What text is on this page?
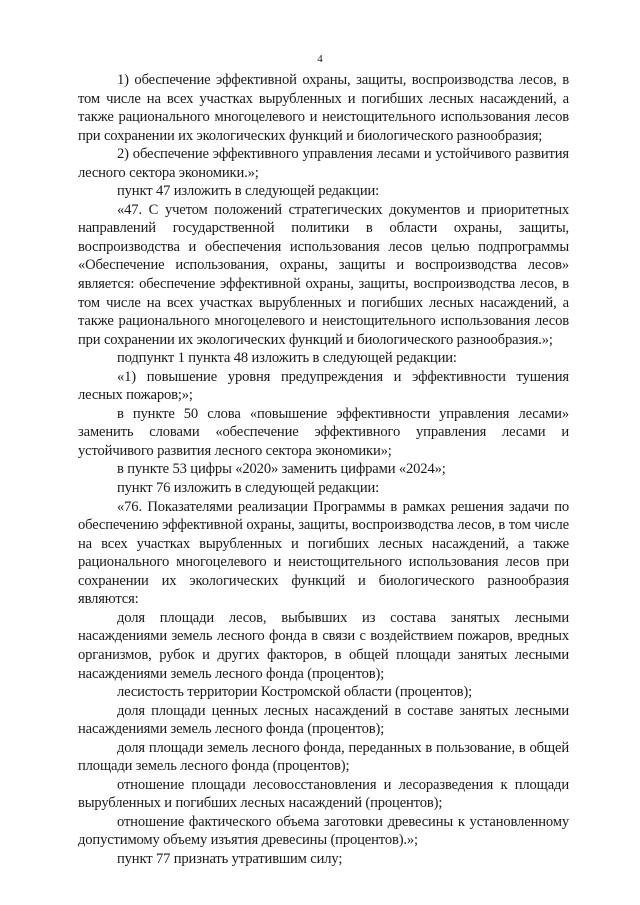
4

1) обеспечение эффективной охраны, защиты, воспроизводства лесов, в том числе на всех участках вырубленных и погибших лесных насаждений, а также рационального многоцелевого и неистощительного использования лесов при сохранении их экологических функций и биологического разнообразия;

2) обеспечение эффективного управления лесами и устойчивого развития лесного сектора экономики.»;

пункт 47 изложить в следующей редакции:

«47. С учетом положений стратегических документов и приоритетных направлений государственной политики в области охраны, защиты, воспроизводства и обеспечения использования лесов целью подпрограммы «Обеспечение использования, охраны, защиты и воспроизводства лесов» является: обеспечение эффективной охраны, защиты, воспроизводства лесов, в том числе на всех участках вырубленных и погибших лесных насаждений, а также рационального многоцелевого и неистощительного использования лесов при сохранении их экологических функций и биологического разнообразия.»;

подпункт 1 пункта 48 изложить в следующей редакции:

«1) повышение уровня предупреждения и эффективности тушения лесных пожаров;»;

в пункте 50 слова «повышение эффективности управления лесами» заменить словами «обеспечение эффективного управления лесами и устойчивого развития лесного сектора экономики»;

в пункте 53 цифры «2020» заменить цифрами «2024»;

пункт 76 изложить в следующей редакции:

«76. Показателями реализации Программы в рамках решения задачи по обеспечению эффективной охраны, защиты, воспроизводства лесов, в том числе на всех участках вырубленных и погибших лесных насаждений, а также рационального многоцелевого и неистощительного использования лесов при сохранении их экологических функций и биологического разнообразия являются:

доля площади лесов, выбывших из состава занятых лесными насаждениями земель лесного фонда в связи с воздействием пожаров, вредных организмов, рубок и других факторов, в общей площади занятых лесными насаждениями земель лесного фонда (процентов);

лесистость территории Костромской области (процентов);

доля площади ценных лесных насаждений в составе занятых лесными насаждениями земель лесного фонда (процентов);

доля площади земель лесного фонда, переданных в пользование, в общей площади земель лесного фонда (процентов);

отношение площади лесовосстановления и лесоразведения к площади вырубленных и погибших лесных насаждений (процентов);

отношение фактического объема заготовки древесины к установленному допустимому объему изъятия древесины (процентов).»;

пункт 77 признать утратившим силу;
